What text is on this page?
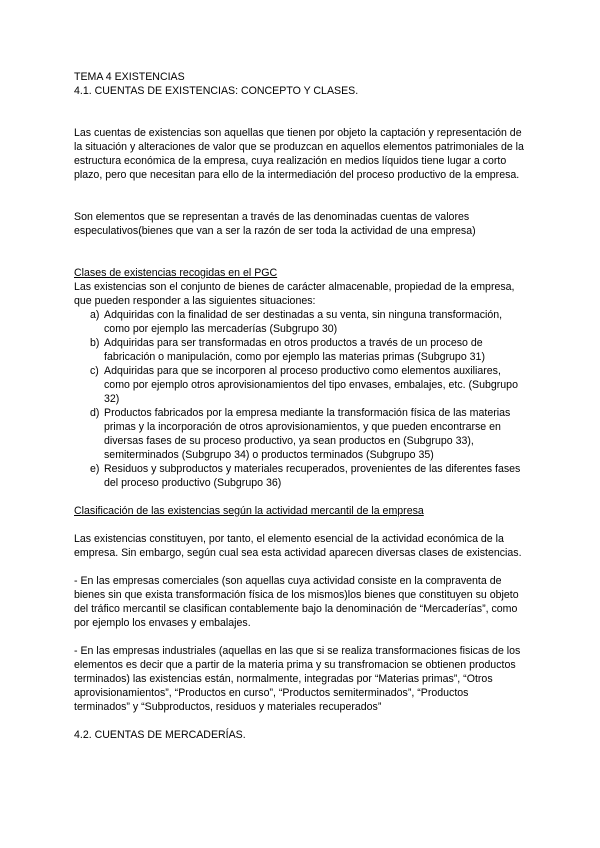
TEMA 4 EXISTENCIAS

4.1. CUENTAS DE EXISTENCIAS: CONCEPTO Y CLASES.

Las cuentas de existencias son aquellas que tienen por objeto la captación y representación de la situación y alteraciones de valor que se produzcan en aquellos elementos patrimoniales de la estructura económica de la empresa, cuya realización en medios líquidos tiene lugar a corto plazo, pero que necesitan para ello de la intermediación del proceso productivo de la empresa.

Son elementos que se representan a través de las denominadas cuentas de valores especulativos(bienes que van a ser la razón de ser toda la actividad de una empresa)

Clases de existencias recogidas en el PGC

Las existencias son el conjunto de bienes de carácter almacenable, propiedad de la empresa, que pueden responder a las siguientes situaciones:

a) Adquiridas con la finalidad de ser destinadas a su venta, sin ninguna transformación, como por ejemplo las mercaderías (Subgrupo 30)
b) Adquiridas para ser transformadas en otros productos a través de un proceso de fabricación o manipulación, como por ejemplo las materias primas (Subgrupo 31)
c) Adquiridas para que se incorporen al proceso productivo como elementos auxiliares, como por ejemplo otros aprovisionamientos del tipo envases, embalajes, etc. (Subgrupo 32)
d) Productos fabricados por la empresa mediante la transformación física de las materias primas y la incorporación de otros aprovisionamientos, y que pueden encontrarse en diversas fases de su proceso productivo, ya sean productos en (Subgrupo 33), semiterminados (Subgrupo 34) o productos terminados (Subgrupo 35)
e) Residuos y subproductos y materiales recuperados, provenientes de las diferentes fases del proceso productivo (Subgrupo 36)

Clasificación de las existencias según la actividad mercantil de la empresa

Las existencias constituyen, por tanto, el elemento esencial de la actividad económica de la empresa. Sin embargo, según cual sea esta actividad aparecen diversas clases de existencias.

- En las empresas comerciales (son aquellas cuya actividad consiste en la compraventa de bienes sin que exista transformación física de los mismos)los bienes que constituyen su objeto del tráfico mercantil se clasifican contablemente bajo la denominación de “Mercaderías”, como por ejemplo los envases y embalajes.

- En las empresas industriales (aquellas en las que si se realiza transformaciones fisicas de los elementos es decir que a partir de la materia prima y su transfromacion se obtienen productos terminados) las existencias están, normalmente, integradas por “Materias primas”, “Otros aprovisionamientos”, “Productos en curso”, “Productos semiterminados”, “Productos terminados” y “Subproductos, residuos y materiales recuperados”

4.2. CUENTAS DE MERCADERÍAS.
